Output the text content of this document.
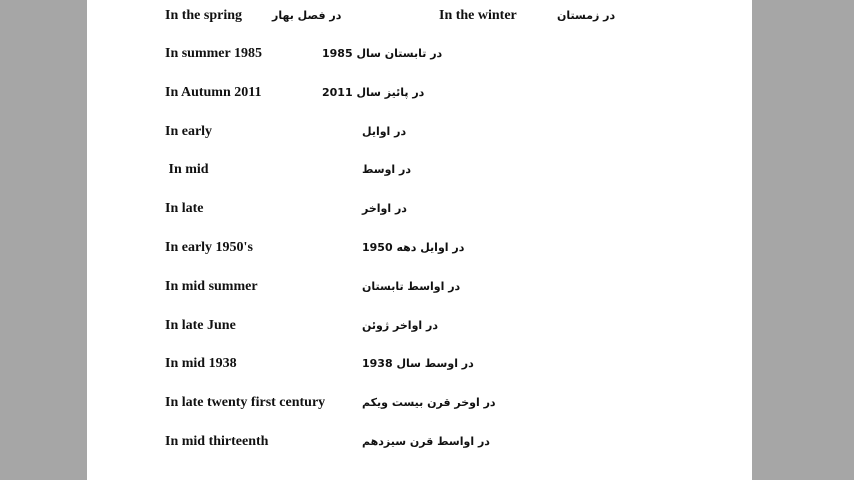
In the spring	در فصل بهار	In the winter	در زمستان
In summer 1985	در تابستان سال 1985
In Autumn 2011	در پائیز سال 2011
In early	در اوایل
In mid	در اوسط
In late	در اواخر
In early 1950's	در اوایل دهه 1950
In mid summer	در اواسط تابستان
In late June	در اواخر ژوئن
In mid 1938	در اوسط سال 1938
In late twenty first century	در اوخر قرن بیست ویکم
In mid thirteenth	در اواسط قرن سیزدهم
